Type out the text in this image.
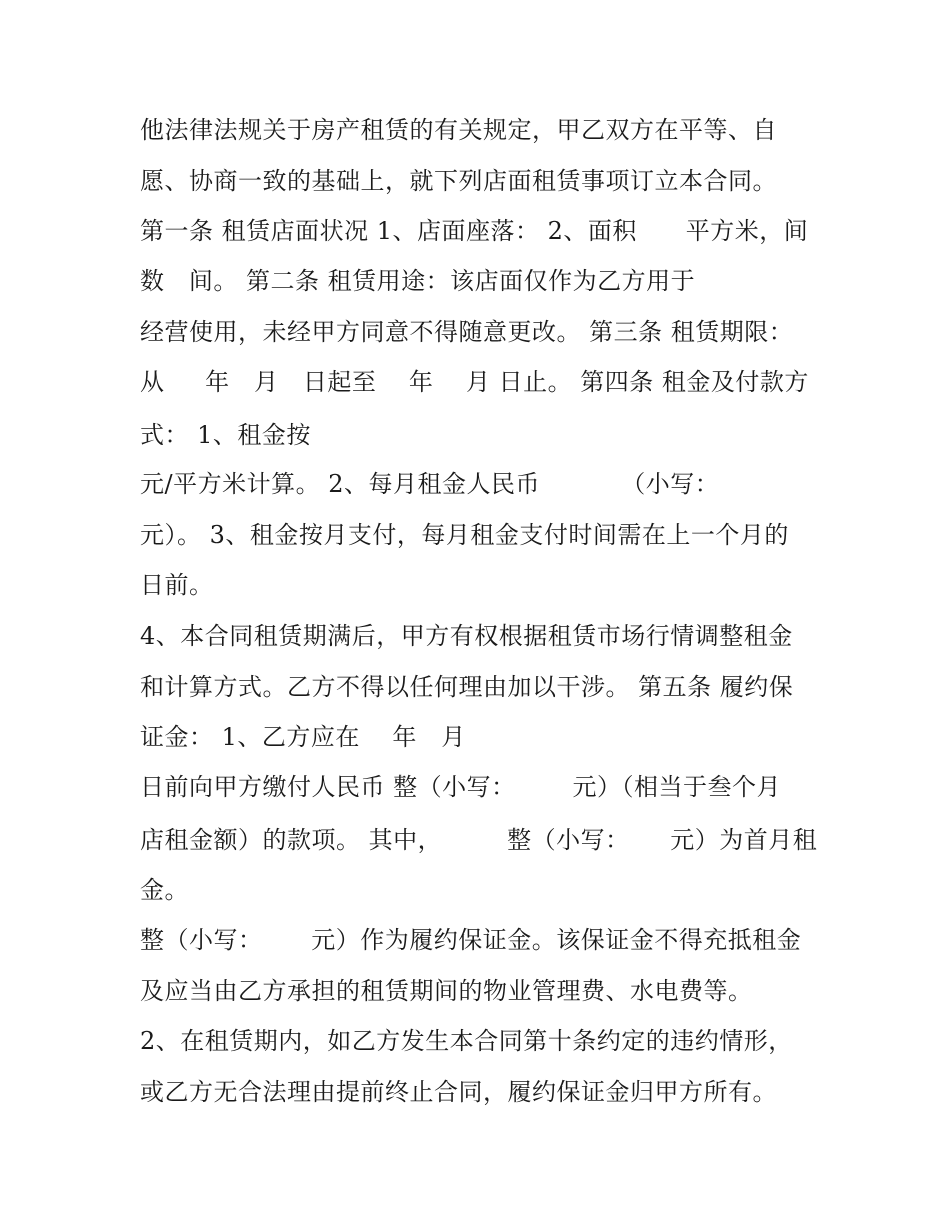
他法律法规关于房产租赁的有关规定，甲乙双方在平等、自
愿、协商一致的基础上，就下列店面租赁事项订立本合同。
第一条 租赁店面状况 1、店面座落： 2、面积      平方米，间
数   间。 第二条 租赁用途：该店面仅作为乙方用于
经营使用，未经甲方同意不得随意更改。 第三条 租赁期限：
从     年   月   日起至    年    月 日止。 第四条 租金及付款方
式： 1、租金按
元/平方米计算。 2、每月租金人民币          （小写：
元）。 3、租金按月支付，每月租金支付时间需在上一个月的
日前。
4、本合同租赁期满后，甲方有权根据租赁市场行情调整租金
和计算方式。乙方不得以任何理由加以干涉。 第五条 履约保
证金： 1、乙方应在    年   月
日前向甲方缴付人民币 整（小写：       元）（相当于叁个月
店租金额）的款项。 其中，        整（小写：     元）为首月租
金。
整（小写：      元）作为履约保证金。该保证金不得充抵租金
及应当由乙方承担的租赁期间的物业管理费、水电费等。
2、在租赁期内，如乙方发生本合同第十条约定的违约情形，
或乙方无合法理由提前终止合同，履约保证金归甲方所有。
